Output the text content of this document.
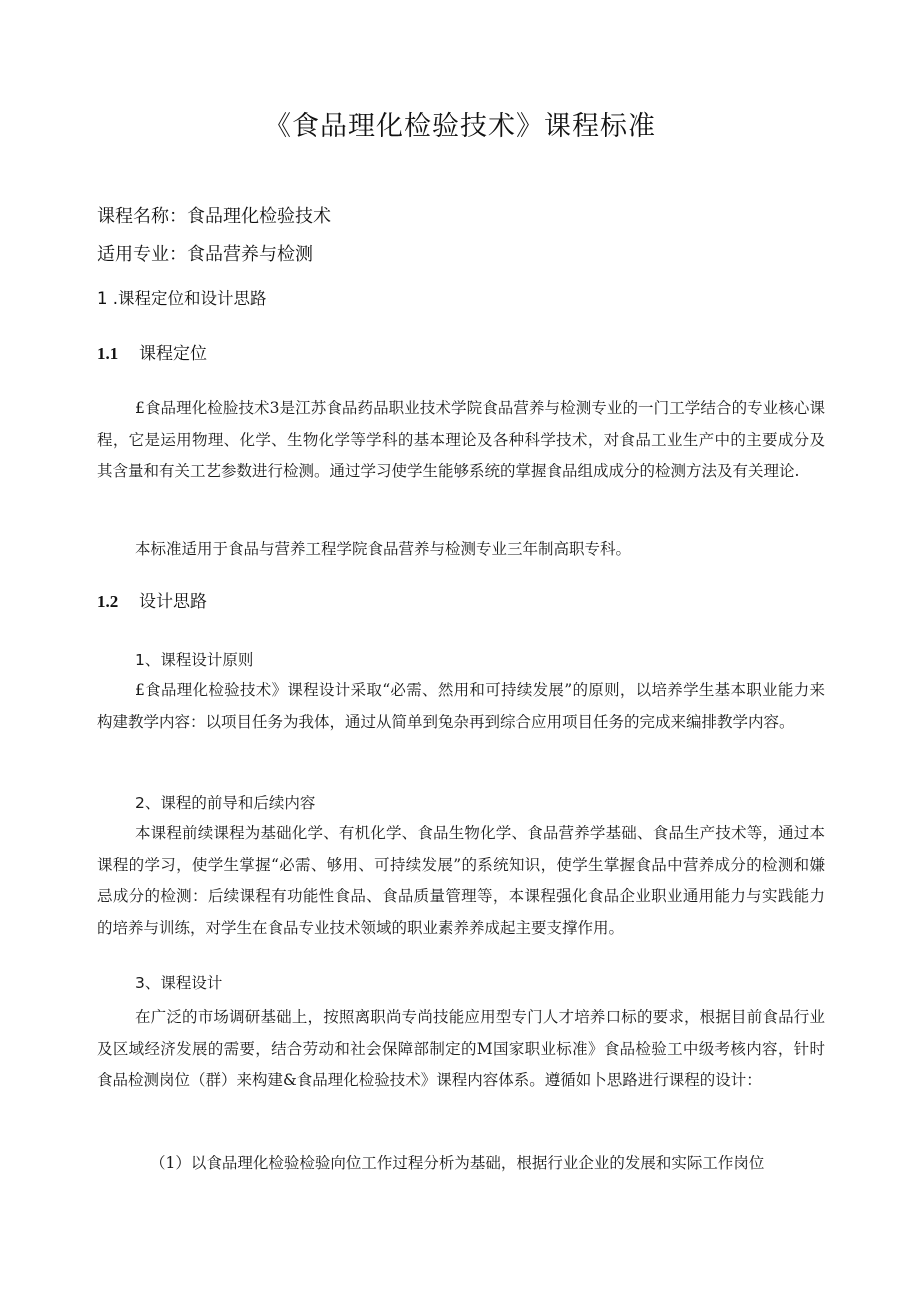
《食品理化检验技术》课程标准
课程名称：食品理化检验技术
适用专业：食品营养与检测
1 .课程定位和设计思路
1.1 课程定位
£食品理化检脸技术3是江苏食品药品职业技术学院食品营养与检测专业的一门工学结合的专业核心课程，它是运用物理、化学、生物化学等学科的基本理论及各种科学技术，对食品工业生产中的主要成分及其含量和有关工艺参数进行检测。通过学习使学生能够系统的掌握食品组成成分的检测方法及有关理论.
本标准适用于食品与营养工程学院食品营养与检测专业三年制高职专科。
1.2 设计思路
1、课程设计原则
£食品理化检验技术》课程设计采取“必需、然用和可持续发展”的原则，以培养学生基本职业能力来构建教学内容：以项目任务为我体，通过从简单到兔杂再到综合应用项目任务的完成来编排教学内容。
2、课程的前导和后续内容
本课程前续课程为基础化学、有机化学、食品生物化学、食品营养学基础、食品生产技术等，通过本课程的学习，使学生掌握“必需、够用、可持续发展”的系统知识，使学生掌握食品中营养成分的检测和嫌忌成分的检测：后续课程有功能性食品、食品质量管理等，本课程强化食品企业职业通用能力与实践能力的培养与训练，对学生在食品专业技术领域的职业素养养成起主要支撑作用。
3、课程设计
在广泛的市场调研基础上，按照离职尚专尚技能应用型专门人才培养口标的要求，根据目前食品行业及区域经济发展的需要，结合劳动和社会保障部制定的M国家职业标准》食品检验工中级考核内容，针时食品检测岗位（群）来构建&食品理化检验技术》课程内容体系。遵循如卜思路进行课程的设计：
（1）以食品理化检验检验向位工作过程分析为基础，根据行业企业的发展和实际工作岗位
